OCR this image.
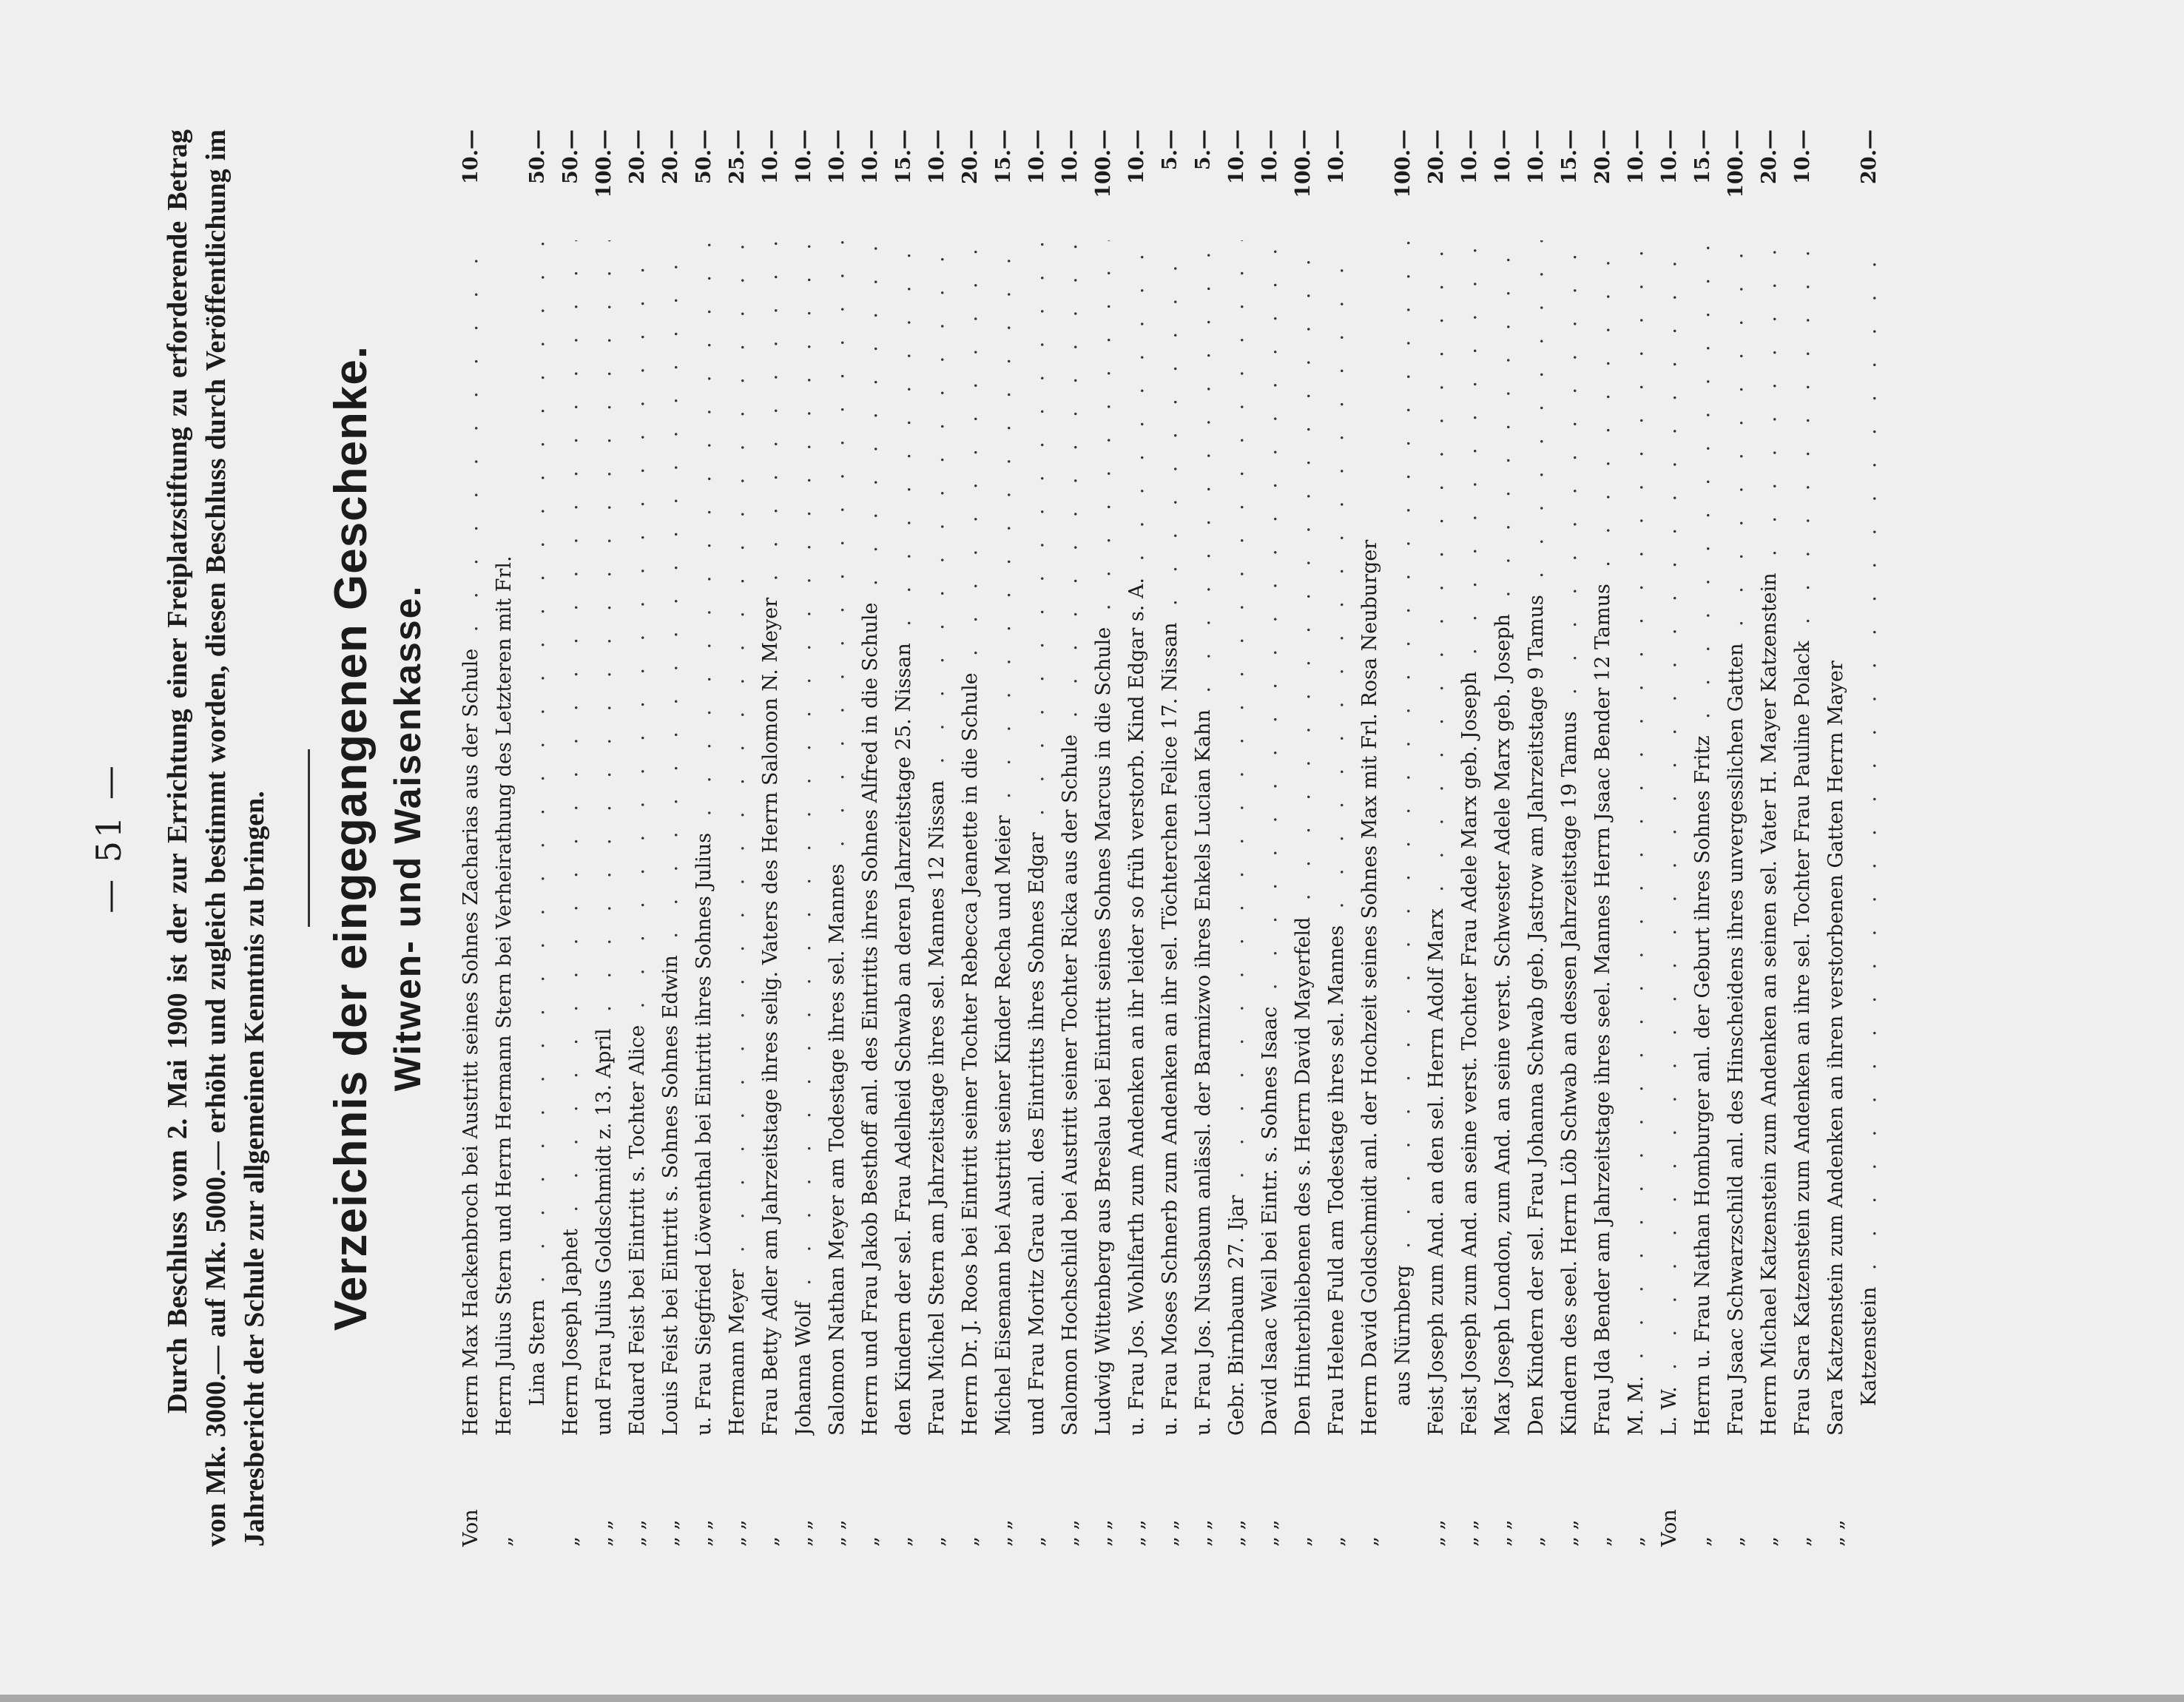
— 51 — Durch Beschluss vom 2. Mai 1900 ist der zur Errichtung einer Freiplatzstiftung zu erforderende Betrag von Mk. 3000.— auf Mk. 5000.— erhöht und zugleich bestimmt worden, diesen Beschluss durch Veröffentlichung im Jahresbericht der Schule zur allgemeinen Kenntnis zu bringen. Verzeichnis der eingegangenen Geschenke. Witwen- und Waisenkasse.
Von
Herrn Max Hackenbroch bei Austritt seines Sohnes Zacharias aus der Schule . . .
10.—
„
Herrn Julius Stern und Herrn Hermann Stern bei Verheirathung des Letzteren mit Frl. Lina Stern . . .
50.—
„
Herrn Joseph Japhet . . .
50.—
„ „
und Frau Julius Goldschmidt z. 13. April . . .
100.—
„ „
Eduard Feist bei Eintritt s. Tochter Alice . . .
20.—
„ „
Louis Feist bei Eintritt s. Sohnes Sohnes Edwin . . .
20.—
„ „
u. Frau Siegfried Löwenthal bei Eintritt ihres Sohnes Julius . . .
50.—
„ „
Hermann Meyer . . .
25.—
„
Frau Betty Adler am Jahrzeitstage ihres selig. Vaters des Herrn Salomon N. Meyer . . .
10.—
„ „
Johanna Wolf . . .
10.—
„ „
Salomon Nathan Meyer am Todestage ihres sel. Mannes . . .
10.—
„
Herrn und Frau Jakob Besthoff anl. des Eintritts ihres Sohnes Alfred in die Schule . . .
10.—
„
den Kindern der sel. Frau Adelheid Schwab an deren Jahrzeitstage 25. Nissan . . .
15.—
„
Frau Michel Stern am Jahrzeitstage ihres sel. Mannes 12 Nissan . . .
10.—
„
Herrn Dr. J. Roos bei Eintritt seiner Tochter Rebecca Jeanette in die Schule . . .
20.—
„ „
Michel Eisemann bei Austritt seiner Kinder Recha und Meier . . .
15.—
„
und Frau Moritz Grau anl. des Eintritts ihres Sohnes Edgar . . .
10.—
„ „
Salomon Hochschild bei Austritt seiner Tochter Ricka aus der Schule . . .
10.—
„ „
Ludwig Wittenberg aus Breslau bei Eintritt seines Sohnes Marcus in die Schule . . .
100.—
„ „
u. Frau Jos. Wohlfarth zum Andenken an ihr leider so früh verstorb. Kind Edgar s. A. . . .
10.—
„ „
u. Frau Moses Schnerb zum Andenken an ihr sel. Töchterchen Felice 17. Nissan . . .
5.—
„ „
u. Frau Jos. Nussbaum anlässl. der Barmizwo ihres Enkels Lucian Kahn . . .
5.—
„ „
Gebr. Birnbaum 27. Ijar . . .
10.—
„ „
David Isaac Weil bei Eintr. s. Sohnes Isaac . . .
10.—
„
Den Hinterbliebenen des s. Herrn David Mayerfeld . . .
100.—
„
Frau Helene Fuld am Todestage ihres sel. Mannes . . .
10.—
„
Herrn David Goldschmidt anl. der Hochzeit seines Sohnes Max mit Frl. Rosa Neuburger aus Nürnberg . . .
100.—
„ „
Feist Joseph zum And. an den sel. Herrn Adolf Marx . . .
20.—
„ „
Feist Joseph zum And. an seine verst. Tochter Frau Adele Marx geb. Joseph . . .
10.—
„ „
Max Joseph London, zum And. an seine verst. Schwester Adele Marx geb. Joseph . . .
10.—
„
Den Kindern der sel. Frau Johanna Schwab geb. Jastrow am Jahrzeitstage 9 Tamus . . .
10.—
„ „
Kindern des seel. Herrn Löb Schwab an dessen Jahrzeitstage 19 Tamus . . .
15.—
„
Frau Jda Bender am Jahrzeitstage ihres seel. Mannes Herrn Jsaac Bender 12 Tamus . . .
20.—
„
M. M. . . .
10.—
Von
L. W. . . .
10.—
„
Herrn u. Frau Nathan Homburger anl. der Geburt ihres Sohnes Fritz . . .
15.—
„
Frau Jsaac Schwarzschild anl. des Hinscheidens ihres unvergesslichen Gatten . . .
100.—
„
Herrn Michael Katzenstein zum Andenken an seinen sel. Vater H. Mayer Katzenstein . . .
20.—
„
Frau Sara Katzenstein zum Andenken an ihre sel. Tochter Frau Pauline Polack . . .
10.—
„ „
Sara Katzenstein zum Andenken an ihren verstorbenen Gatten Herrn Mayer Katzenstein . . .
20.—
